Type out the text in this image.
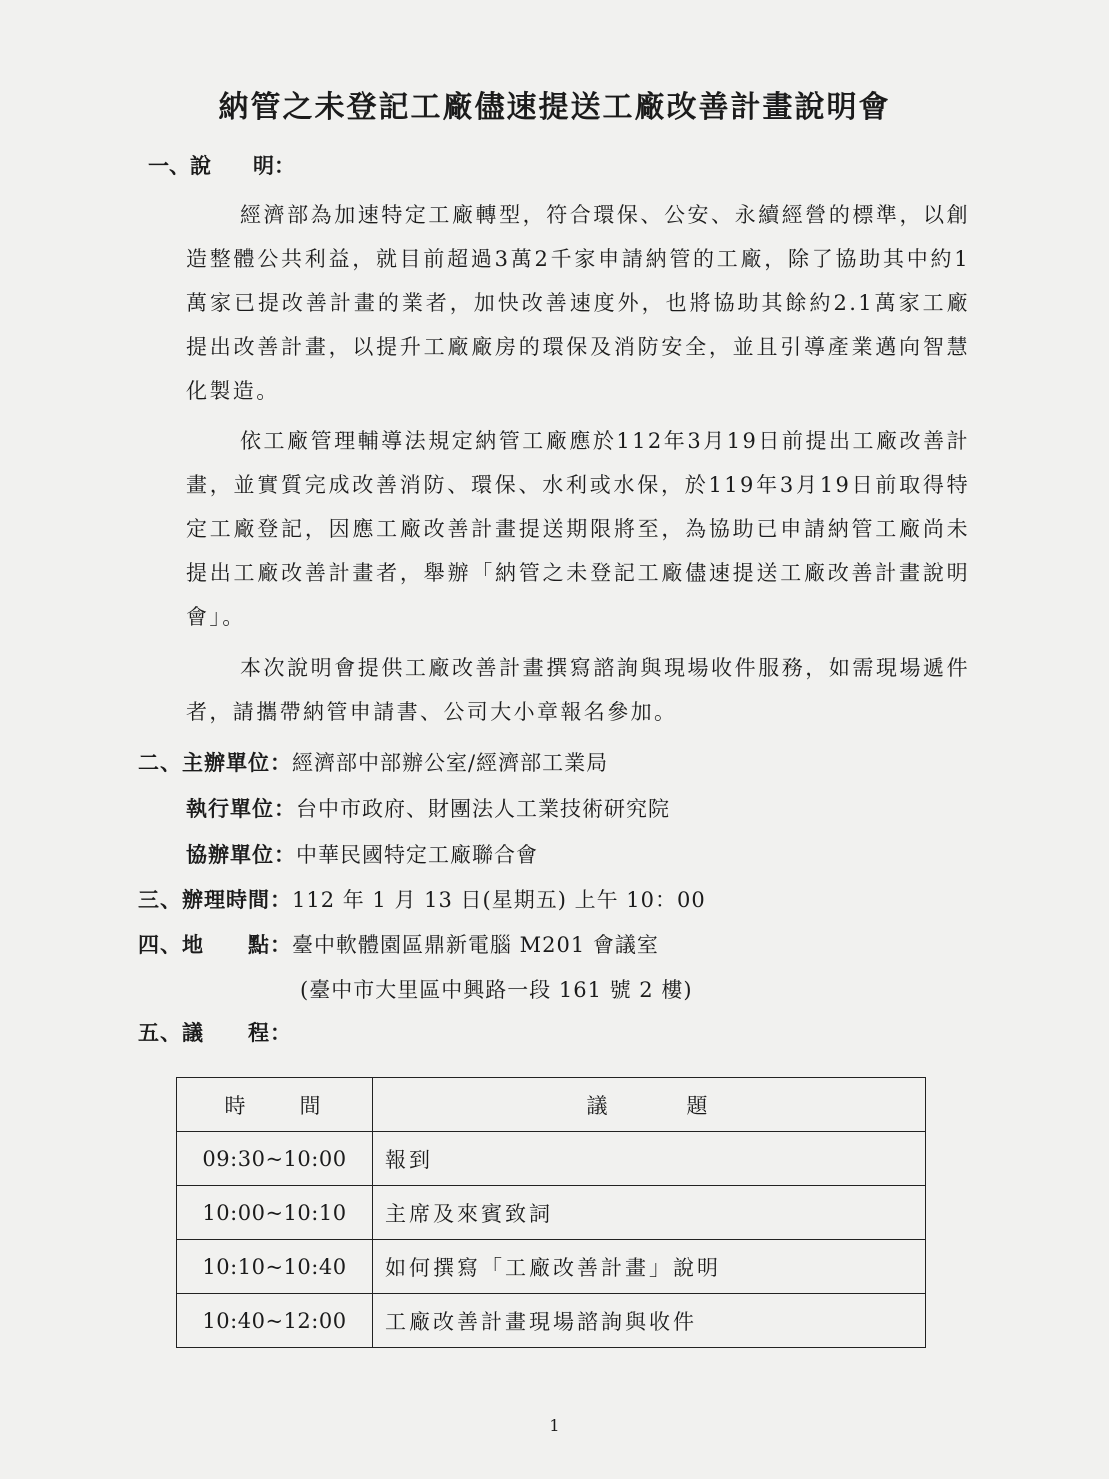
納管之未登記工廠儘速提送工廠改善計畫說明會
一、說　　明：

經濟部為加速特定工廠轉型，符合環保、公安、永續經營的標準，以創造整體公共利益，就目前超過3萬2千家申請納管的工廠，除了協助其中約1萬家已提改善計畫的業者，加快改善速度外，也將協助其餘約2.1萬家工廠提出改善計畫，以提升工廠廠房的環保及消防安全，並且引導產業邁向智慧化製造。

依工廠管理輔導法規定納管工廠應於112年3月19日前提出工廠改善計畫，並實質完成改善消防、環保、水利或水保，於119年3月19日前取得特定工廠登記，因應工廠改善計畫提送期限將至，為協助已申請納管工廠尚未提出工廠改善計畫者，舉辦「納管之未登記工廠儘速提送工廠改善計畫說明會」。

本次說明會提供工廠改善計畫撰寫諮詢與現場收件服務，如需現場遞件者，請攜帶納管申請書、公司大小章報名參加。

二、主辦單位：經濟部中部辦公室/經濟部工業局
執行單位：台中市政府、財團法人工業技術研究院
協辦單位：中華民國特定工廠聯合會
三、辦理時間：112 年 1 月 13 日(星期五) 上午 10：00
四、地　　點：臺中軟體園區鼎新電腦 M201 會議室
(臺中市大里區中興路一段 161 號 2 樓)
五、議　　程：
時　　間	議　　　題
09:30~10:00	報到
10:00~10:10	主席及來賓致詞
10:10~10:40	如何撰寫「工廠改善計畫」說明
10:40~12:00	工廠改善計畫現場諮詢與收件
1
